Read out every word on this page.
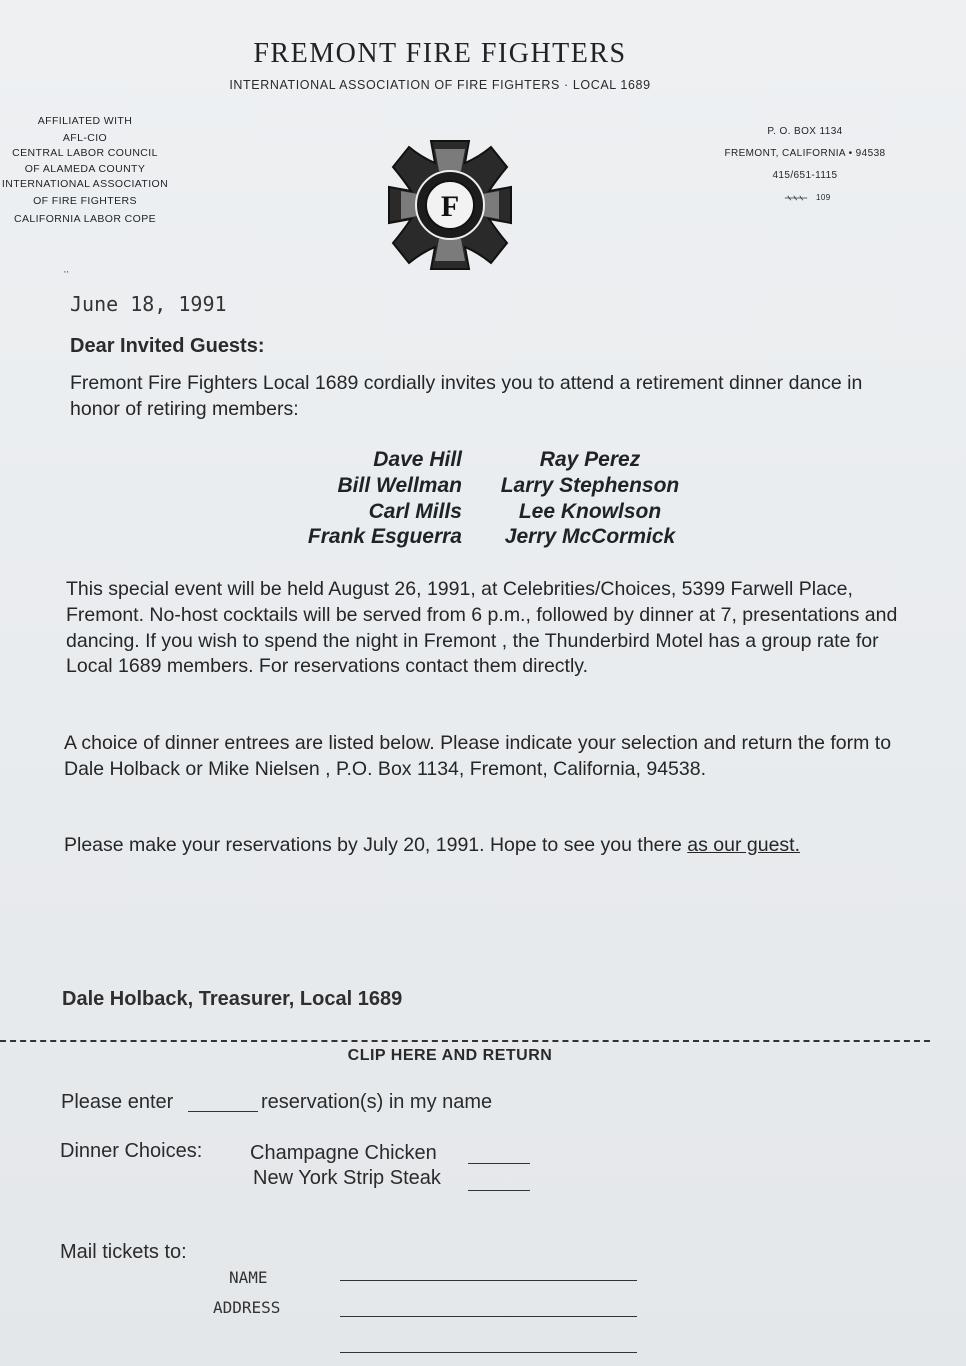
FREMONT FIRE FIGHTERS
INTERNATIONAL ASSOCIATION OF FIRE FIGHTERS · LOCAL 1689
AFFILIATED WITH
AFL-CIO
CENTRAL LABOR COUNCIL
OF ALAMEDA COUNTY
INTERNATIONAL ASSOCIATION
OF FIRE FIGHTERS
CALIFORNIA LABOR COPE
P. O. BOX 1134
FREMONT, CALIFORNIA • 94538
415/651-1115
109
F
¨
June 18, 1991
Dear Invited Guests:
Fremont Fire Fighters Local 1689 cordially invites you to attend a retirement dinner dance in honor of retiring members:
Dave Hill
Bill Wellman
Carl Mills
Frank Esguerra
Ray Perez
Larry Stephenson
Lee Knowlson
Jerry McCormick
This special event will be held August 26, 1991, at Celebrities/Choices, 5399 Farwell Place, Fremont. No-host cocktails will be served from 6 p.m., followed by dinner at 7, presentations and dancing. If you wish to spend the night in Fremont , the Thunderbird Motel has a group rate for Local 1689 members. For reservations contact them directly.
A choice of dinner entrees are listed below. Please indicate your selection and return the form to Dale Holback or Mike Nielsen , P.O. Box 1134, Fremont, California, 94538.
Please make your reservations by July 20, 1991. Hope to see you there as our guest.
Dale Holback, Treasurer, Local 1689
CLIP HERE AND RETURN
Please enter	reservation(s) in my name
Dinner Choices: Champagne Chicken
New York Strip Steak
Mail tickets to:
NAME
ADDRESS
